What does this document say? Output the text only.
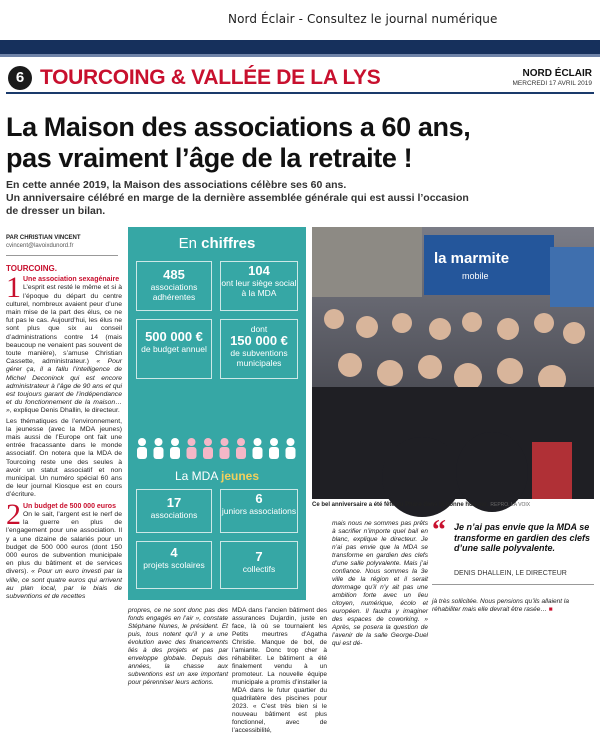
Nord Éclair - Consultez le journal numérique
6 TOURCOING & VALLÉE DE LA LYS	NORD ÉCLAIR
MERCREDI 17 AVRIL 2019
La Maison des associations a 60 ans,
pas vraiment l’âge de la retraite !
En cette année 2019, la Maison des associations célèbre ses 60 ans.
Un anniversaire célébré en marge de la dernière assemblée générale qui est aussi l’occasion
de dresser un bilan.
PAR CHRISTIAN VINCENT
cvincent@lavoixdunord.fr
TOURCOING.
1 Une association sexagénaire
L’esprit est resté le même et si à l’époque du départ du centre culturel, nombreux avaient peur d’une main mise de la part des élus, ce ne fut pas le cas. Aujourd’hui, les élus ne sont plus que six au conseil d’administrations contre 14 (mais beaucoup ne venaient pas souvent de toute manière), s’amuse Christian Cassette, administrateur.) « Pour gérer ça, il a fallu l’intelligence de Michel Deconinck qui est encore administrateur à l’âge de 90 ans et qui est toujours garant de l’indépendance et du fonctionnement de la maison… », explique Denis Dhallin, le directeur.
Les thématiques de l’environnement, la jeunesse (avec la MDA jeunes) mais aussi de l’Europe ont fait une entrée fracassante dans le monde associatif. On notera que la MDA de Tourcoing reste une des seules à avoir un statut associatif et non municipal. Un numéro spécial 60 ans de leur journal Kiosque est en cours d’écriture.
2 Un budget de 500 000 euros
On le sait, l’argent est le nerf de la guerre en plus de l’engagement pour une association. Il y a une dizaine de salariés pour un budget de 500 000 euros (dont 150 000 euros de subvention municipale en plus du bâtiment et de services divers). « Pour un euro investi par la ville, ce sont quatre euros qui arrivent au plan local, par le biais de subventions et de recettes
En chiffres
485
associations adhérentes
104
ont leur siège social à la MDA
500 000 €
de budget annuel
dont
150 000 €
de subventions municipales
La MDA jeunes
17
associations
6
juniors associations
4
projets scolaires
7
collectifs
la marmite
mobile
Ce bel anniversaire a été fêté au Phare dans la bonne humeur. REPRO. LA VOIX
propres, ce ne sont donc pas des fonds engagés en l’air », constate Stéphane Nunes, le président. Et puis, tous notent qu’il y a une évolution avec des financements liés à des projets et pas par enveloppe globale. Depuis des années, la chasse aux subventions est un axe important pour pérenniser leurs actions.
MDA dans l’ancien bâtiment des assurances Dujardin, juste en face, là où se tournaient les Petits meurtres d’Agatha Christie. Manque de bol, de l’amiante. Donc trop cher à réhabiliter. Le bâtiment a été finalement vendu à un promoteur. La nouvelle équipe municipale a promis d’installer la MDA dans le futur quartier du quadrilatère des piscines pour 2023. « C’est très bien si le nouveau bâtiment est plus fonctionnel, avec de l’accessibilité,
mais nous ne sommes pas prêts à sacrifier n’importe quel bail en blanc, explique le directeur. Je n’ai pas envie que la MDA se transforme en gardien des clefs d’une salle polyvalente. Mais j’ai confiance. Nous sommes la 3e ville de la région et il serait dommage qu’il n’y ait pas une ambition forte avec un lieu citoyen, numérique, écolo et européen. Il faudra y imaginer des espaces de coworking. » Après, se posera la question de l’avenir de la salle George-Duel qui est dé-
“ Je n’ai pas envie que la MDA se transforme en gardien des clefs d’une salle polyvalente.
DENIS DHALLEIN, LE DIRECTEUR
jà très sollicitée. Nous pensions qu’ils allaient la réhabiliter mais elle devrait être rasée… ■
